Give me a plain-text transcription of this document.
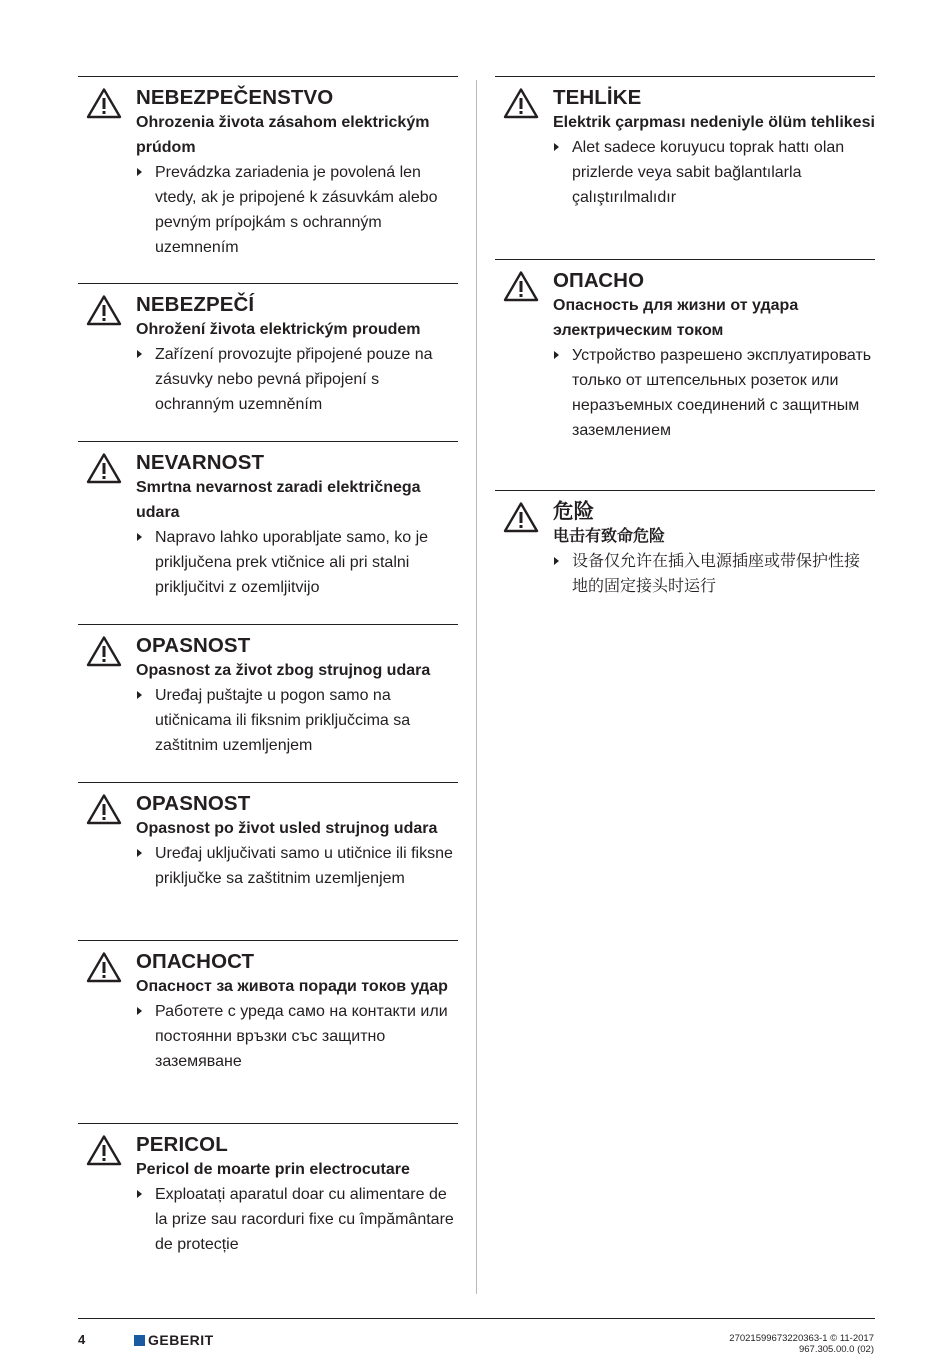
NEBEZPEČENSTVO
Ohrozenia života zásahom elektrickým prúdom
Prevádzka zariadenia je povolená len vtedy, ak je pripojené k zásuvkám alebo pevným prípojkám s ochranným uzemnením
NEBEZPEČÍ
Ohrožení života elektrickým proudem
Zařízení provozujte připojené pouze na zásuvky nebo pevná připojení s ochranným uzemněním
NEVARNOST
Smrtna nevarnost zaradi električnega udara
Napravo lahko uporabljate samo, ko je priključena prek vtičnice ali pri stalni priključitvi z ozemljitvijo
OPASNOST
Opasnost za život zbog strujnog udara
Uređaj puštajte u pogon samo na utičnicama ili fiksnim priključcima sa zaštitnim uzemljenjem
OPASNOST
Opasnost po život usled strujnog udara
Uređaj uključivati samo u utičnice ili fiksne priključke sa zaštitnim uzemljenjem
ОПАСНОСТ
Опасност за живота поради токов удар
Работете с уреда само на контакти или постоянни връзки със защитно заземяване
PERICOL
Pericol de moarte prin electrocutare
Exploatați aparatul doar cu alimentare de la prize sau racorduri fixe cu împământare de protecție
TEHLİKE
Elektrik çarpması nedeniyle ölüm tehlikesi
Alet sadece koruyucu toprak hattı olan prizlerde veya sabit bağlantılarla çalıştırılmalıdır
ОПАСНО
Опасность для жизни от удара электрическим током
Устройство разрешено эксплуатировать только от штепсельных розеток или неразъемных соединений с защитным заземлением
危险
电击有致命危险
设备仅允许在插入电源插座或带保护性接地的固定接头时运行
4	GEBERIT	27021599673220363-1 © 11-2017
967.305.00.0 (02)
